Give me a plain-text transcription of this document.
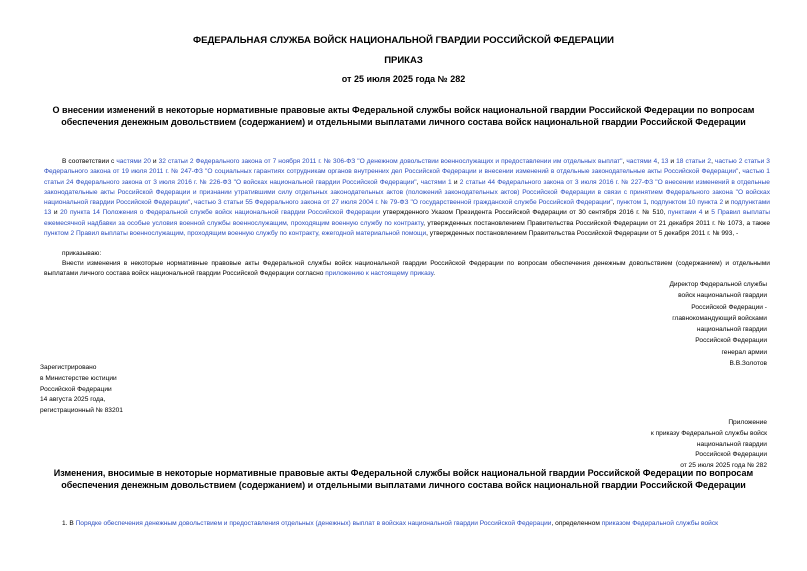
ФЕДЕРАЛЬНАЯ СЛУЖБА ВОЙСК НАЦИОНАЛЬНОЙ ГВАРДИИ РОССИЙСКОЙ ФЕДЕРАЦИИ
ПРИКАЗ
от 25 июля 2025 года № 282
О внесении изменений в некоторые нормативные правовые акты Федеральной службы войск национальной гвардии Российской Федерации по вопросам обеспечения денежным довольствием (содержанием) и отдельными выплатами личного состава войск национальной гвардии Российской Федерации
В соответствии с частями 20 и 32 статьи 2 Федерального закона от 7 ноября 2011 г. № 306-ФЗ "О денежном довольствии военнослужащих и предоставлении им отдельных выплат", частями 4, 13 и 18 статьи 2, частью 2 статьи 3 Федерального закона от 19 июля 2011 г. № 247-ФЗ "О социальных гарантиях сотрудникам органов внутренних дел Российской Федерации и внесении изменений в отдельные законодательные акты Российской Федерации", частью 1 статьи 24 Федерального закона от 3 июля 2016 г. № 226-ФЗ "О войсках национальной гвардии Российской Федерации", частями 1 и 2 статьи 44 Федерального закона от 3 июля 2016 г. № 227-ФЗ "О внесении изменений в отдельные законодательные акты Российской Федерации и признании утратившими силу отдельных законодательных актов (положений законодательных актов) Российской Федерации в связи с принятием Федерального закона "О войсках национальной гвардии Российской Федерации", частью 3 статьи 55 Федерального закона от 27 июля 2004 г. № 79-ФЗ "О государственной гражданской службе Российской Федерации", пунктом 1, подпунктом 10 пункта 2 и подпунктами 13 и 20 пункта 14 Положения о Федеральной службе войск национальной гвардии Российской Федерации утвержденного Указом Президента Российской Федерации от 30 сентября 2016 г. № 510, пунктами 4 и 5 Правил выплаты ежемесячной надбавки за особые условия военной службы военнослужащим, проходящим военную службу по контракту, утвержденных постановлением Правительства Российской Федерации от 21 декабря 2011 г. № 1073, а также пунктом 2 Правил выплаты военнослужащим, проходящим военную службу по контракту, ежегодной материальной помощи, утвержденных постановлением Правительства Российской Федерации от 5 декабря 2011 г. № 993, -
приказываю:
Внести изменения в некоторые нормативные правовые акты Федеральной службы войск национальной гвардии Российской Федерации по вопросам обеспечения денежным довольствием (содержанием) и отдельными выплатами личного состава войск национальной гвардии Российской Федерации согласно приложению к настоящему приказу.
Директор Федеральной службы
войск национальной гвардии
Российской Федерации -
главнокомандующий войсками
национальной гвардии
Российской Федерации
генерал армии
В.В.Золотов
Зарегистрировано
в Министерстве юстиции
Российской Федерации
14 августа 2025 года,
регистрационный № 83201
Приложение
к приказу Федеральной службы войск
национальной гвардии
Российской Федерации
от 25 июля 2025 года № 282
Изменения, вносимые в некоторые нормативные правовые акты Федеральной службы войск национальной гвардии Российской Федерации по вопросам обеспечения денежным довольствием (содержанием) и отдельными выплатами личного состава войск национальной гвардии Российской Федерации
1. В Порядке обеспечения денежным довольствием и предоставления отдельных (денежных) выплат в войсках национальной гвардии Российской Федерации, определенном приказом Федеральной службы войск
